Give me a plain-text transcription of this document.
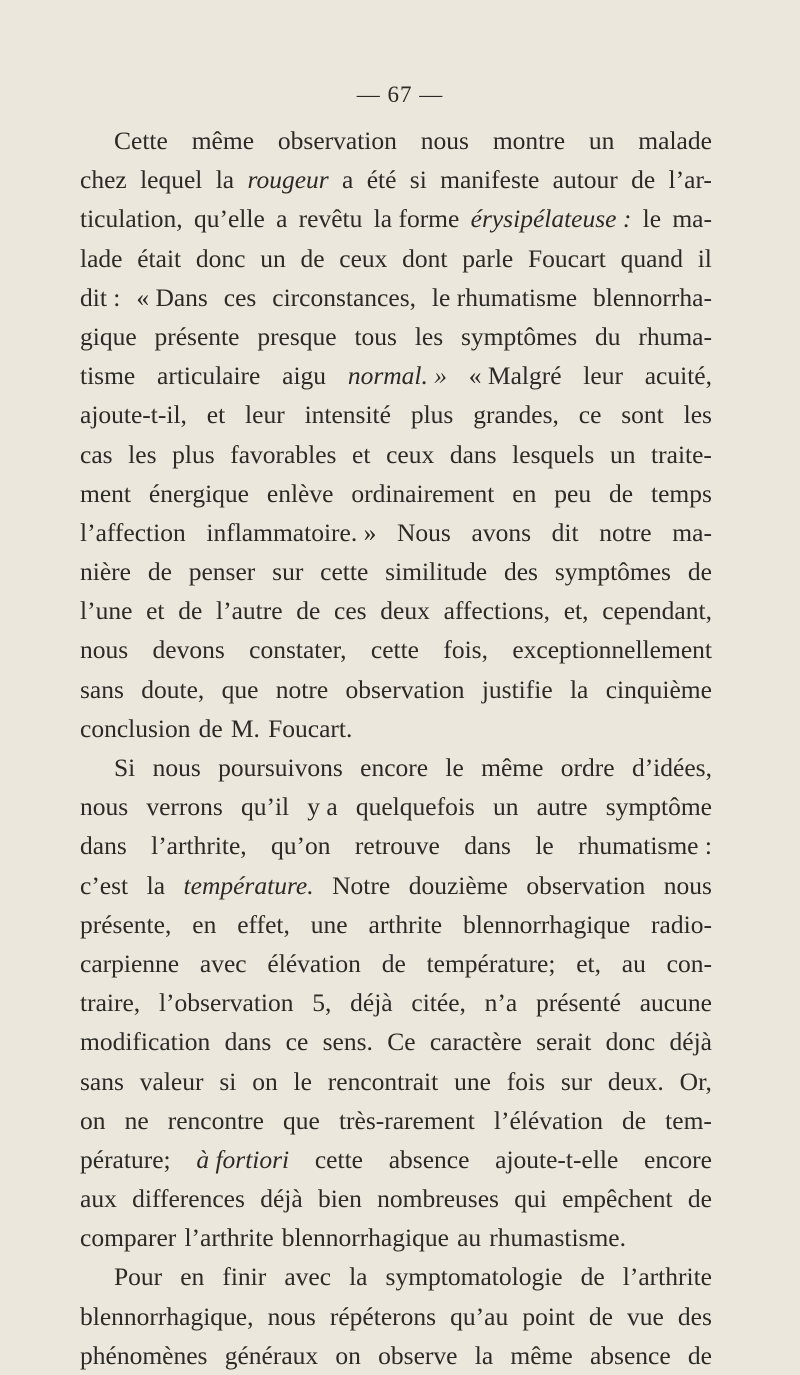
— 67 —
Cette même observation nous montre un malade
chez lequel la rougeur a été si manifeste autour de l’ar-
ticulation, qu’elle a revêtu la forme érysipélateuse : le ma-
lade était donc un de ceux dont parle Foucart quand il
dit : « Dans ces circonstances, le rhumatisme blennorrha-
gique présente presque tous les symptômes du rhuma-
tisme articulaire aigu normal. » « Malgré leur acuité,
ajoute-t-il, et leur intensité plus grandes, ce sont les
cas les plus favorables et ceux dans lesquels un traite-
ment énergique enlève ordinairement en peu de temps
l’affection inflammatoire. » Nous avons dit notre ma-
nière de penser sur cette similitude des symptômes de
l’une et de l’autre de ces deux affections, et, cependant,
nous devons constater, cette fois, exceptionnellement
sans doute, que notre observation justifie la cinquième
conclusion de M. Foucart.
Si nous poursuivons encore le même ordre d’idées,
nous verrons qu’il y a quelquefois un autre symptôme
dans l’arthrite, qu’on retrouve dans le rhumatisme :
c’est la température. Notre douzième observation nous
présente, en effet, une arthrite blennorrhagique radio-
carpienne avec élévation de température; et, au con-
traire, l’observation 5, déjà citée, n’a présenté aucune
modification dans ce sens. Ce caractère serait donc déjà
sans valeur si on le rencontrait une fois sur deux. Or,
on ne rencontre que très-rarement l’élévation de tem-
pérature; à fortiori cette absence ajoute-t-elle encore
aux differences déjà bien nombreuses qui empêchent de
comparer l’arthrite blennorrhagique au rhumastisme.
Pour en finir avec la symptomatologie de l’arthrite
blennorrhagique, nous répéterons qu’au point de vue des
phénomènes généraux on observe la même absence de
